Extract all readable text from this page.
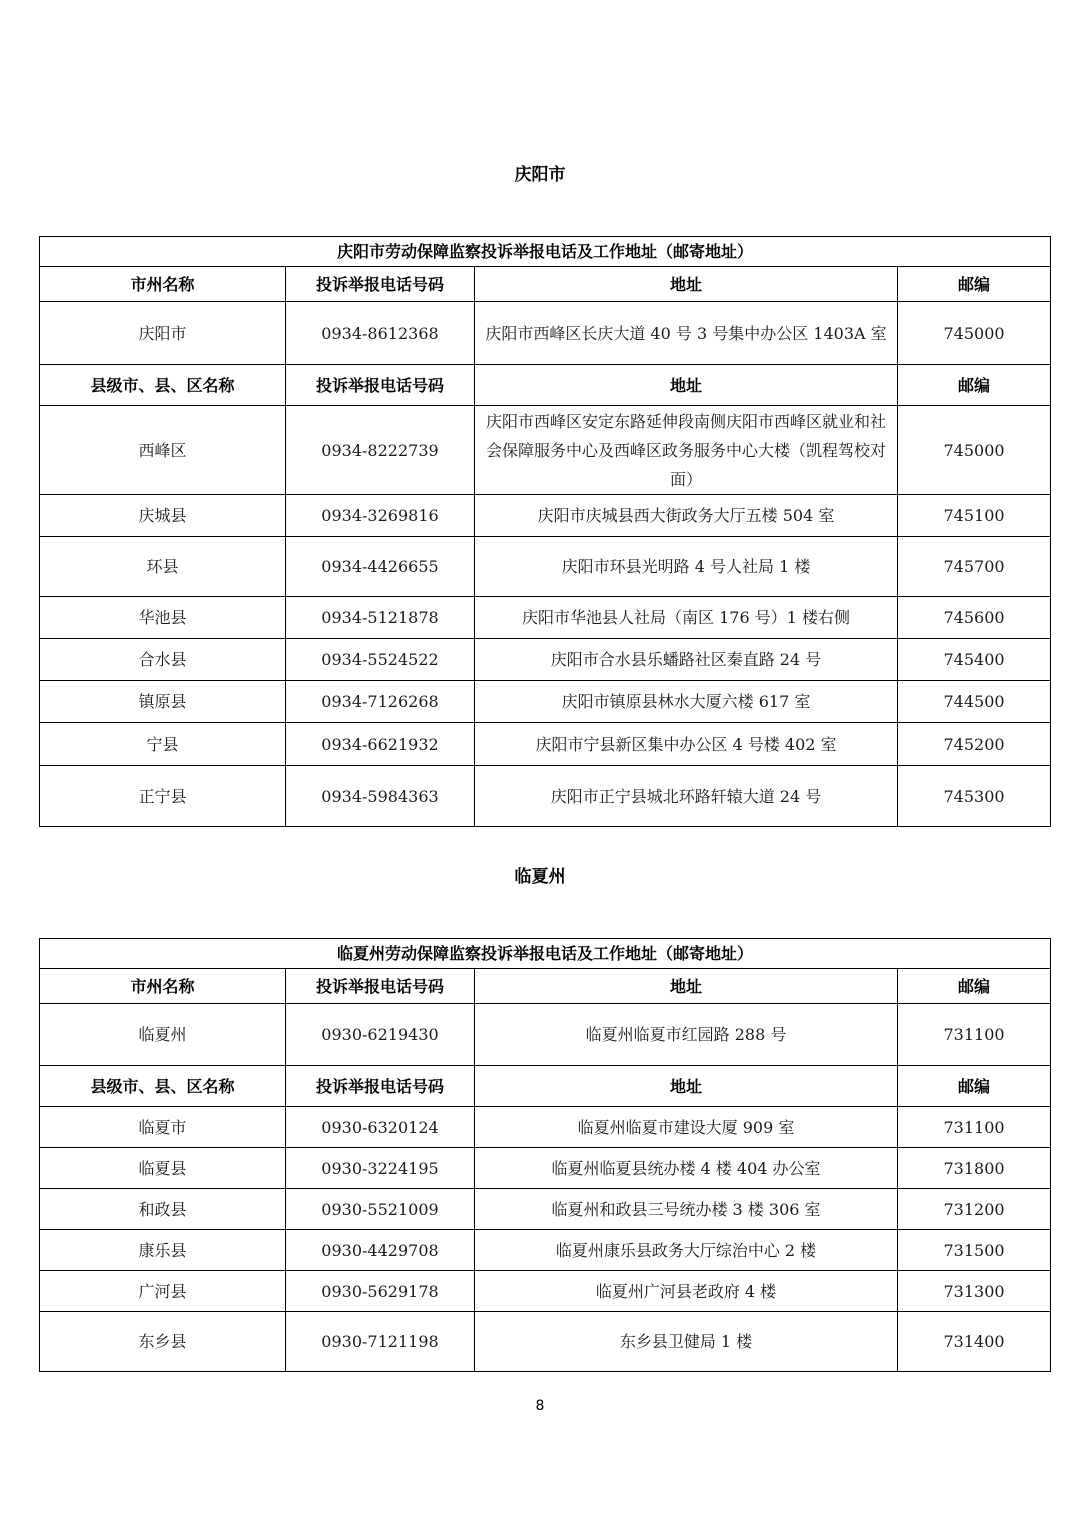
庆阳市
庆阳市劳动保障监察投诉举报电话及工作地址（邮寄地址）			
市州名称	投诉举报电话号码	地址	邮编
庆阳市	0934-8612368	庆阳市西峰区长庆大道 40 号 3 号集中办公区 1403A 室	745000
县级市、县、区名称	投诉举报电话号码	地址	邮编
西峰区	0934-8222739	庆阳市西峰区安定东路延伸段南侧庆阳市西峰区就业和社会保障服务中心及西峰区政务服务中心大楼（凯程驾校对面）	745000
庆城县	0934-3269816	庆阳市庆城县西大街政务大厅五楼 504 室	745100
环县	0934-4426655	庆阳市环县光明路 4 号人社局 1 楼	745700
华池县	0934-5121878	庆阳市华池县人社局（南区 176 号）1 楼右侧	745600
合水县	0934-5524522	庆阳市合水县乐蟠路社区秦直路 24 号	745400
镇原县	0934-7126268	庆阳市镇原县林水大厦六楼 617 室	744500
宁县	0934-6621932	庆阳市宁县新区集中办公区 4 号楼 402 室	745200
正宁县	0934-5984363	庆阳市正宁县城北环路轩辕大道 24 号	745300
临夏州
临夏州劳动保障监察投诉举报电话及工作地址（邮寄地址）			
市州名称	投诉举报电话号码	地址	邮编
临夏州	0930-6219430	临夏州临夏市红园路 288 号	731100
县级市、县、区名称	投诉举报电话号码	地址	邮编
临夏市	0930-6320124	临夏州临夏市建设大厦 909 室	731100
临夏县	0930-3224195	临夏州临夏县统办楼 4 楼 404 办公室	731800
和政县	0930-5521009	临夏州和政县三号统办楼 3 楼 306 室	731200
康乐县	0930-4429708	临夏州康乐县政务大厅综治中心 2 楼	731500
广河县	0930-5629178	临夏州广河县老政府 4 楼	731300
东乡县	0930-7121198	东乡县卫健局 1 楼	731400
8
